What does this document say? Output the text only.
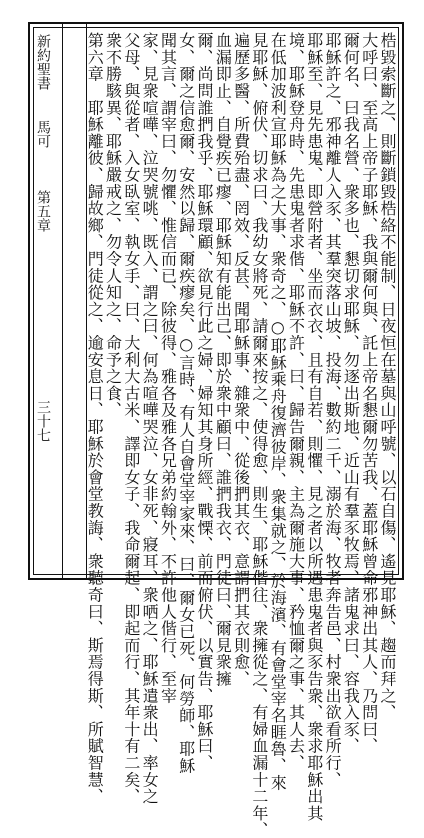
新約聖書
馬可
第五章
三十七	梏毀索斷之、則斷鎖毀梏絡不能制、日夜恒在墓與山呼號、以石自傷、遙見耶穌、趨而拜之、
大呼曰、至高上帝子耶穌、我與爾何與、託上帝名懇爾勿苦我、蓋耶穌曾命邪神出其人、乃問曰、
爾何名、曰我名營、衆多也、懇切求耶穌、勿逐出斯地、近山有羣豕牧焉、諸鬼求曰、容我入豕、
耶穌許之、邪神離人入豕、其羣突落山坡、投海、數約二千、溺於海、牧者奔告邑、村衆出欲看所行、
耶穌至、見先患鬼、即營附者、坐而衣衣、且有自若、則懼、見之者以所遇患鬼者與豕告衆、衆求耶穌出其
境、耶穌登舟時、先患鬼者求偕、耶穌不許、曰、歸告爾親、主為爾施大事、矜恤爾之事、其人去、
在低加波利宣耶穌為之大事、衆奇之、○耶穌乘舟復濟彼岸、衆集就之、於海濱、有會堂宰名睚魯、來
見耶穌、俯伏、切求曰、我幼女將死、請爾來按之、使得愈、則生、耶穌偕往、衆擁從之、有婦血漏十二年、
遍歷多醫、所費殆盡、罔效、反甚、聞耶穌事、雜衆中、從後捫其衣、意謂捫其衣則愈、
血漏即止、自覺疾已瘳、耶穌知有能出己、即於衆中顧曰、誰捫我衣、門徒曰、爾見衆擁
爾、尚問誰捫我乎、耶穌環顧、欲見行此之婦、婦知其身所經、戰慄、前而俯伏、以實告、耶穌曰、
女、爾之信愈爾、安然以歸、爾疾瘳矣、○言時、有人自會堂宰家來、曰、爾女已死、何勞師、耶穌
聞其言、謂宰曰、勿懼、惟信而已、除彼得、雅各及雅各兄弟約翰外、不許他人偕行、至宰
家、見衆喧嘩、泣哭號咷、既入、謂之曰、何為喧嘩哭泣、女非死、寢耳、衆哂之、耶穌遣衆出、率女之
父母、與從者、入女臥室、執女手、曰、大利大古米、譯即女子、我命爾起、即起而行、其年十有二矣、
衆不勝駭異、耶穌嚴戒之、勿令人知之、命予之食、
第六章　耶穌離彼、歸故鄉、門徒從之、逾安息日、耶穌於會堂教誨、衆聽奇曰、斯焉得斯、所賦智慧、
